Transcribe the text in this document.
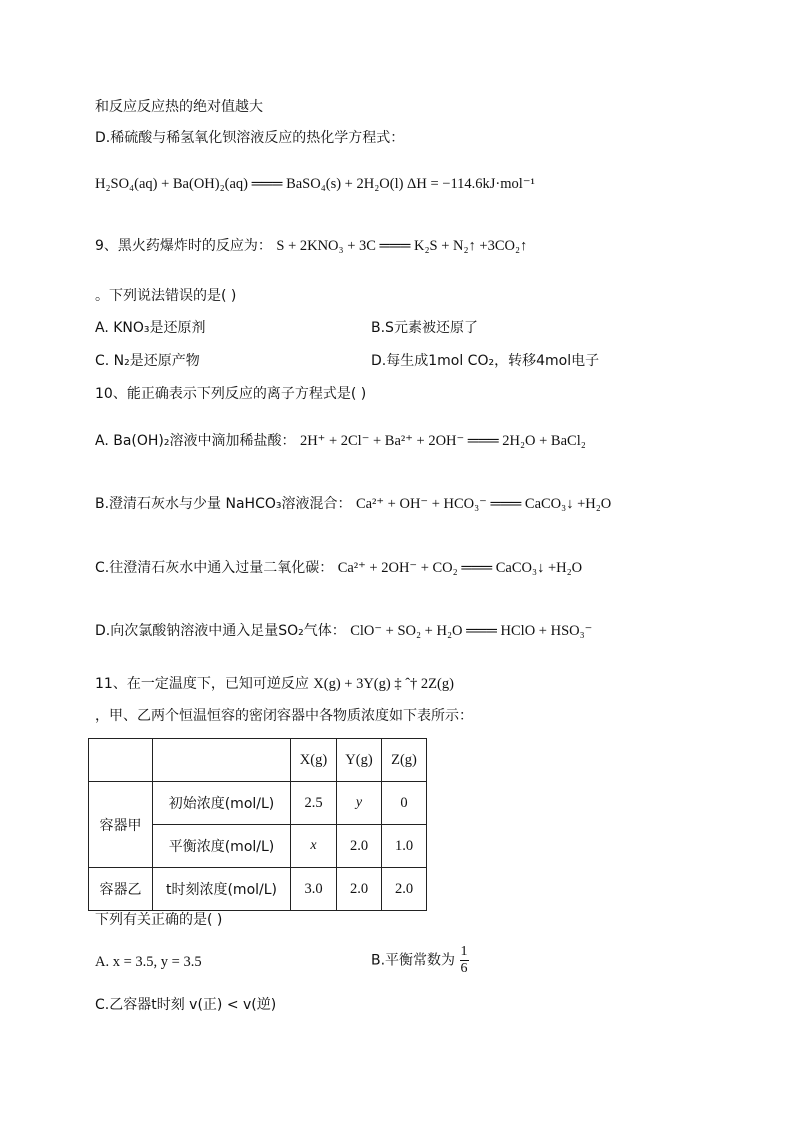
和反应反应热的绝对值越大
D.稀硫酸与稀氢氧化钡溶液反应的热化学方程式：
H₂SO₄(aq) + Ba(OH)₂(aq) ═══ BaSO₄(s) + 2H₂O(l) ΔH = −114.6kJ·mol⁻¹
9、黑火药爆炸时的反应为： S + 2KNO₃ + 3C ═══ K₂S + N₂↑ +3CO₂↑
。下列说法错误的是( )
A. KNO₃是还原剂	B.S元素被还原了
C. N₂是还原产物	D.每生成1mol CO₂，转移4mol电子
10、能正确表示下列反应的离子方程式是( )
A. Ba(OH)₂溶液中滴加稀盐酸： 2H⁺ + 2Cl⁻ + Ba²⁺ + 2OH⁻ ═══ 2H₂O + BaCl₂
B.澄清石灰水与少量 NaHCO₃溶液混合： Ca²⁺ + OH⁻ + HCO₃⁻ ═══ CaCO₃↓ +H₂O
C.往澄清石灰水中通入过量二氧化碳： Ca²⁺ + 2OH⁻ + CO₂ ═══ CaCO₃↓ +H₂O
D.向次氯酸钠溶液中通入足量SO₂气体： ClO⁻ + SO₂ + H₂O ═══ HClO + HSO₃⁻
11、在一定温度下，已知可逆反应 X(g) + 3Y(g) ‡ ˆ† 2Z(g)
，甲、乙两个恒温恒容的密闭容器中各物质浓度如下表所示：
		X(g)	Y(g)	Z(g)
容器甲	初始浓度(mol/L)	2.5	y	0
	平衡浓度(mol/L)	x	2.0	1.0
容器乙	t时刻浓度(mol/L)	3.0	2.0	2.0
下列有关正确的是( )
A. x = 3.5, y = 3.5	B.平衡常数为 $\frac{1}{6}$
C.乙容器t时刻 v(正) < v(逆)
